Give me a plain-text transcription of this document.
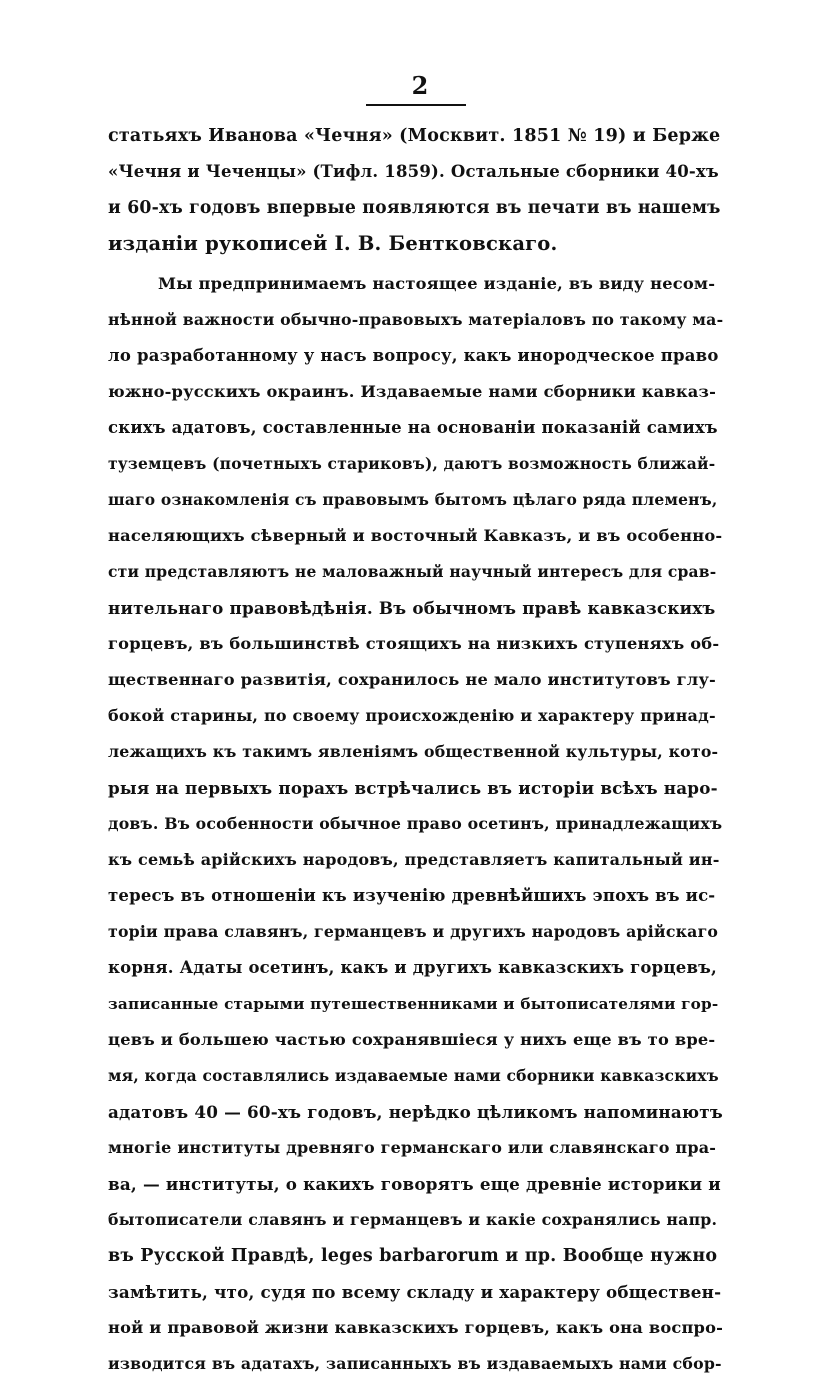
2
статьяхъ Иванова «Чечня» (Москвит. 1851 № 19) и Берже
«Чечня и Чеченцы» (Тифл. 1859). Остальные сборники 40-хъ
и 60-хъ годовъ впервые появляются въ печати въ нашемъ
изданiи рукописей I. В. Бентковскаго.
Мы предпринимаемъ настоящее изданiе, въ виду несом-
нѣнной важности обычно-правовыхъ матерiаловъ по такому ма-
ло разработанному у насъ вопросу, какъ инородческое право
южно-русскихъ окраинъ. Издаваемые нами сборники кавказ-
скихъ адатовъ, составленные на основанiи показанiй самихъ
туземцевъ (почетныхъ стариковъ), даютъ возможность ближай-
шаго ознакомленiя съ правовымъ бытомъ цѣлаго ряда племенъ,
населяющихъ сѣверный и восточный Кавказъ, и въ особенно-
сти представляютъ не маловажный научный интересъ для срав-
нительнаго правовѣдѣнiя. Въ обычномъ правѣ кавказскихъ
горцевъ, въ большинствѣ стоящихъ на низкихъ ступеняхъ об-
щественнаго развитiя, сохранилось не мало институтовъ глу-
бокой старины, по своему происхожденiю и характеру принад-
лежащихъ къ такимъ явленiямъ общественной культуры, кото-
рыя на первыхъ порахъ встрѣчались въ исторiи всѣхъ наро-
довъ. Въ особенности обычное право осетинъ, принадлежащихъ
къ семьѣ арiйскихъ народовъ, представляетъ капитальный ин-
тересъ въ отношенiи къ изученiю древнѣйшихъ эпохъ въ ис-
торiи права славянъ, германцевъ и другихъ народовъ арiйскаго
корня. Адаты осетинъ, какъ и другихъ кавказскихъ горцевъ,
записанные старыми путешественниками и бытописателями гор-
цевъ и большею частью сохранявшiеся у нихъ еще въ то вре-
мя, когда составлялись издаваемые нами сборники кавказскихъ
адатовъ 40 — 60-хъ годовъ, нерѣдко цѣликомъ напоминаютъ
многiе институты древняго германскаго или славянскаго пра-
ва, — институты, о какихъ говорятъ еще древнiе историки и
бытописатели славянъ и германцевъ и какiе сохранялись напр.
въ Русской Правдѣ, leges barbarorum и пр. Вообще нужно
замѣтить, что, судя по всему складу и характеру обществен-
ной и правовой жизни кавказскихъ горцевъ, какъ она воспро-
изводится въ адатахъ, записанныхъ въ издаваемыхъ нами сбор-
